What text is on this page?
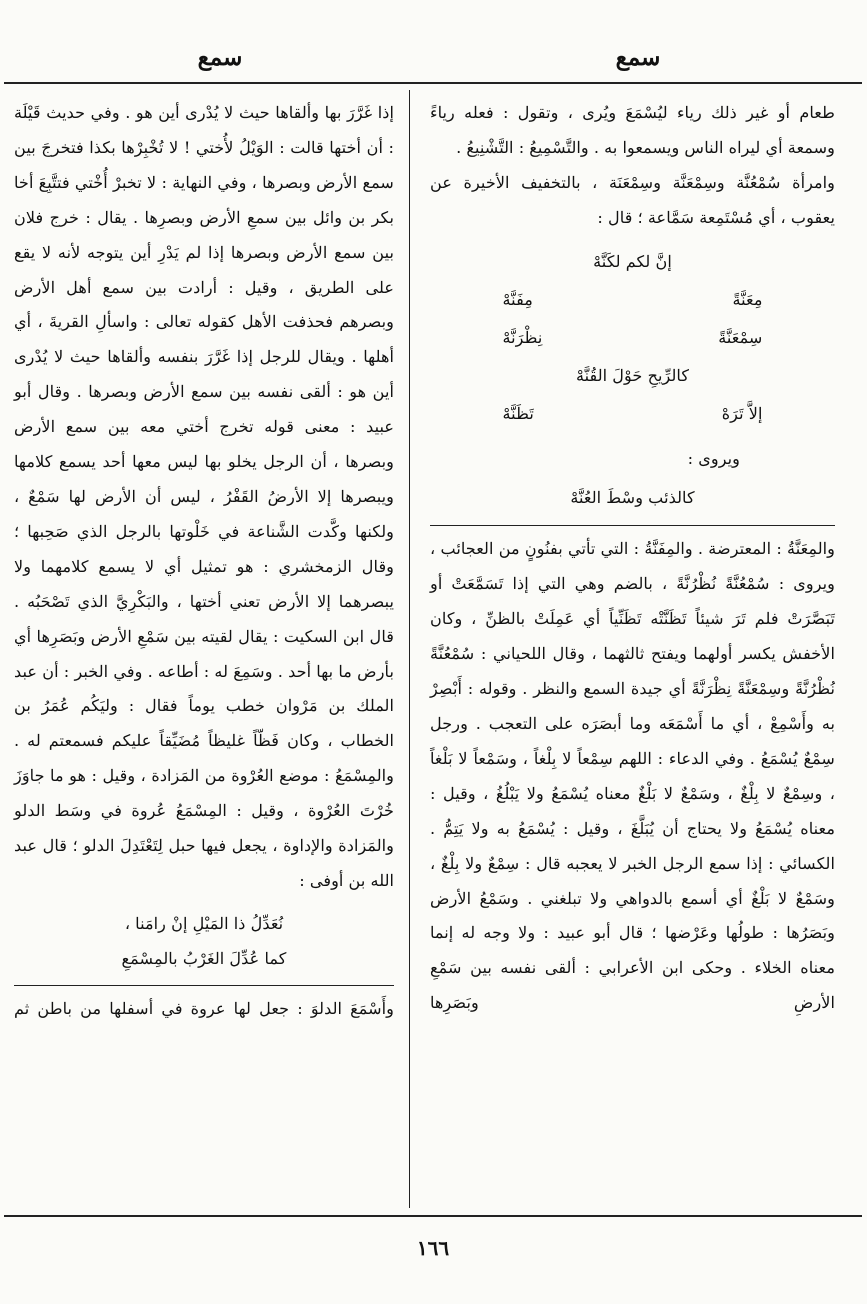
سمع
سمع

طعام أو غير ذلك رياء ليُسْمَعَ ويُرى ، وتقول : فعله رياءً وسمعة أي ليراه الناس ويسمعوا به . والتَّسْمِيعُ : التَّشْنِيعُ .

وامرأة سُمْعُنَّة وسِمْعَنَّة وسِمْعَنَة ، بالتخفيف الأخيرة عن يعقوب ، أي مُسْتَمِعة سَمَّاعة ؛ قال :

إنَّ لكم لكَنَّهْ
مِعَنَّةً
مِفَنَّهْ
سِمْعَنَّةً
نِظْرَنَّهْ
كالرِّيحِ حَوْلَ القُنَّهْ
إلاَّ تَرَهْ
تَظَنَّهْ

ويروى :

كالذئب وسْطَ العُنَّهْ

والمِعَنَّةُ : المعترضة . والمِفَنَّةُ : التي تأتي بفنُونٍ من العجائب ، ويروى : سُمْعُنَّةً نُظْرُنَّةً ، بالضم وهي التي إذا تَسَمَّعَتْ أو تَبَصَّرَتْ فلم تَرَ شيئاً تَظَنَّتْه تَظَنِّياً أي عَمِلَتْ بالظنِّ ، وكان الأخفش يكسر أولهما ويفتح ثالثهما ، وقال اللحياني : سُمْعُنَّةً نُظْرُنَّةً وسِمْعَنَّةً نِظْرَنَّةً أي جيدة السمع والنظر . وقوله : أَبْصِرْ به وأَسْمِعْ ، أي ما أَسْمَعَه وما أبصَرَه على التعجب . ورجل سِمْعٌ يُسْمَعُ . وفي الدعاء : اللهم سِمْعاً لا بِلْغاً ، وسَمْعاً لا بَلْغاً ، وسِمْعٌ لا بِلْغٌ ، وسَمْعٌ لا بَلْغٌ معناه يُسْمَعُ ولا يَبْلُغُ ، وقيل : معناه يُسْمَعُ ولا يحتاج أن يُبَلَّغَ ، وقيل : يُسْمَعُ به ولا يَتِمُّ . الكسائي : إذا سمع الرجل الخبر لا يعجبه قال : سِمْعٌ ولا بِلْغٌ ، وسَمْعٌ لا بَلْغٌ أي أسمع بالدواهي ولا تبلغني . وسَمْعُ الأرض وبَصَرُها : طولُها وعَرْضها ؛ قال أبو عبيد : ولا وجه له إنما معناه الخلاء . وحكى ابن الأعرابي : ألقى نفسه بين سَمْعِ الأرضِ وبَصَرِها

إذا غَرَّرَ بها وألقاها حيث لا يُدْرى أين هو . وفي حديث قَيْلَة : أن أختها قالت : الوَيْلُ لأُختي ! لا تُخْبِرْها بكذا فتخرجَ بين سمع الأرض وبصرها ، وفي النهاية : لا تخبرْ أُخْتي فتتَّبِعَ أخا بكر بن وائل بين سمعِ الأرض وبصرِها . يقال : خرج فلان بين سمع الأرض وبصرها إذا لم يَدْرِ أين يتوجه لأنه لا يقع على الطريق ، وقيل : أرادت بين سمع أهل الأرض وبصرهم فحذفت الأهل كقوله تعالى : واسألِ القريةَ ، أي أهلها . ويقال للرجل إذا غَرَّرَ بنفسه وألقاها حيث لا يُدْرى أين هو : ألقى نفسه بين سمع الأرض وبصرها . وقال أبو عبيد : معنى قوله تخرج أختي معه بين سمع الأرض وبصرها ، أن الرجل يخلو بها ليس معها أحد يسمع كلامها ويبصرها إلا الأرضُ القَفْرُ ، ليس أن الأرض لها سَمْعٌ ، ولكنها وكَّدت الشَّناعة في خَلْوتها بالرجل الذي صَحِبها ؛ وقال الزمخشري : هو تمثيل أي لا يسمع كلامهما ولا يبصرهما إلا الأرض تعني أختها ، والبَكْرِيَّ الذي تَصْحَبُه . قال ابن السكيت : يقال لقيته بين سَمْعِ الأرض وبَصَرِها أي بأرض ما بها أحد . وسَمِعَ له : أطاعه . وفي الخبر : أن عبد الملك بن مَرْوان خطب يوماً فقال : وليَكُم عُمَرُ بن الخطاب ، وكان فَظّاً غليظاً مُضَيِّقاً عليكم فسمعتم له . والمِسْمَعُ : موضع العُرْوة من المَزادة ، وقيل : هو ما جاوَزَ خُرْتَ العُرْوة ، وقيل : المِسْمَعُ عُروة في وسَط الدلو والمَزادة والإداوة ، يجعل فيها حبل لِتَعْتَدِلَ الدلو ؛ قال عبد الله بن أوفى :

نُعَدِّلُ ذا المَيْلِ إنْ رامَنا ،
كما عُدِّلَ الغَرْبُ بالمِسْمَعِ

وأَسْمَعَ الدلوَ : جعل لها عروة في أسفلها من باطن ثم

١٦٦
